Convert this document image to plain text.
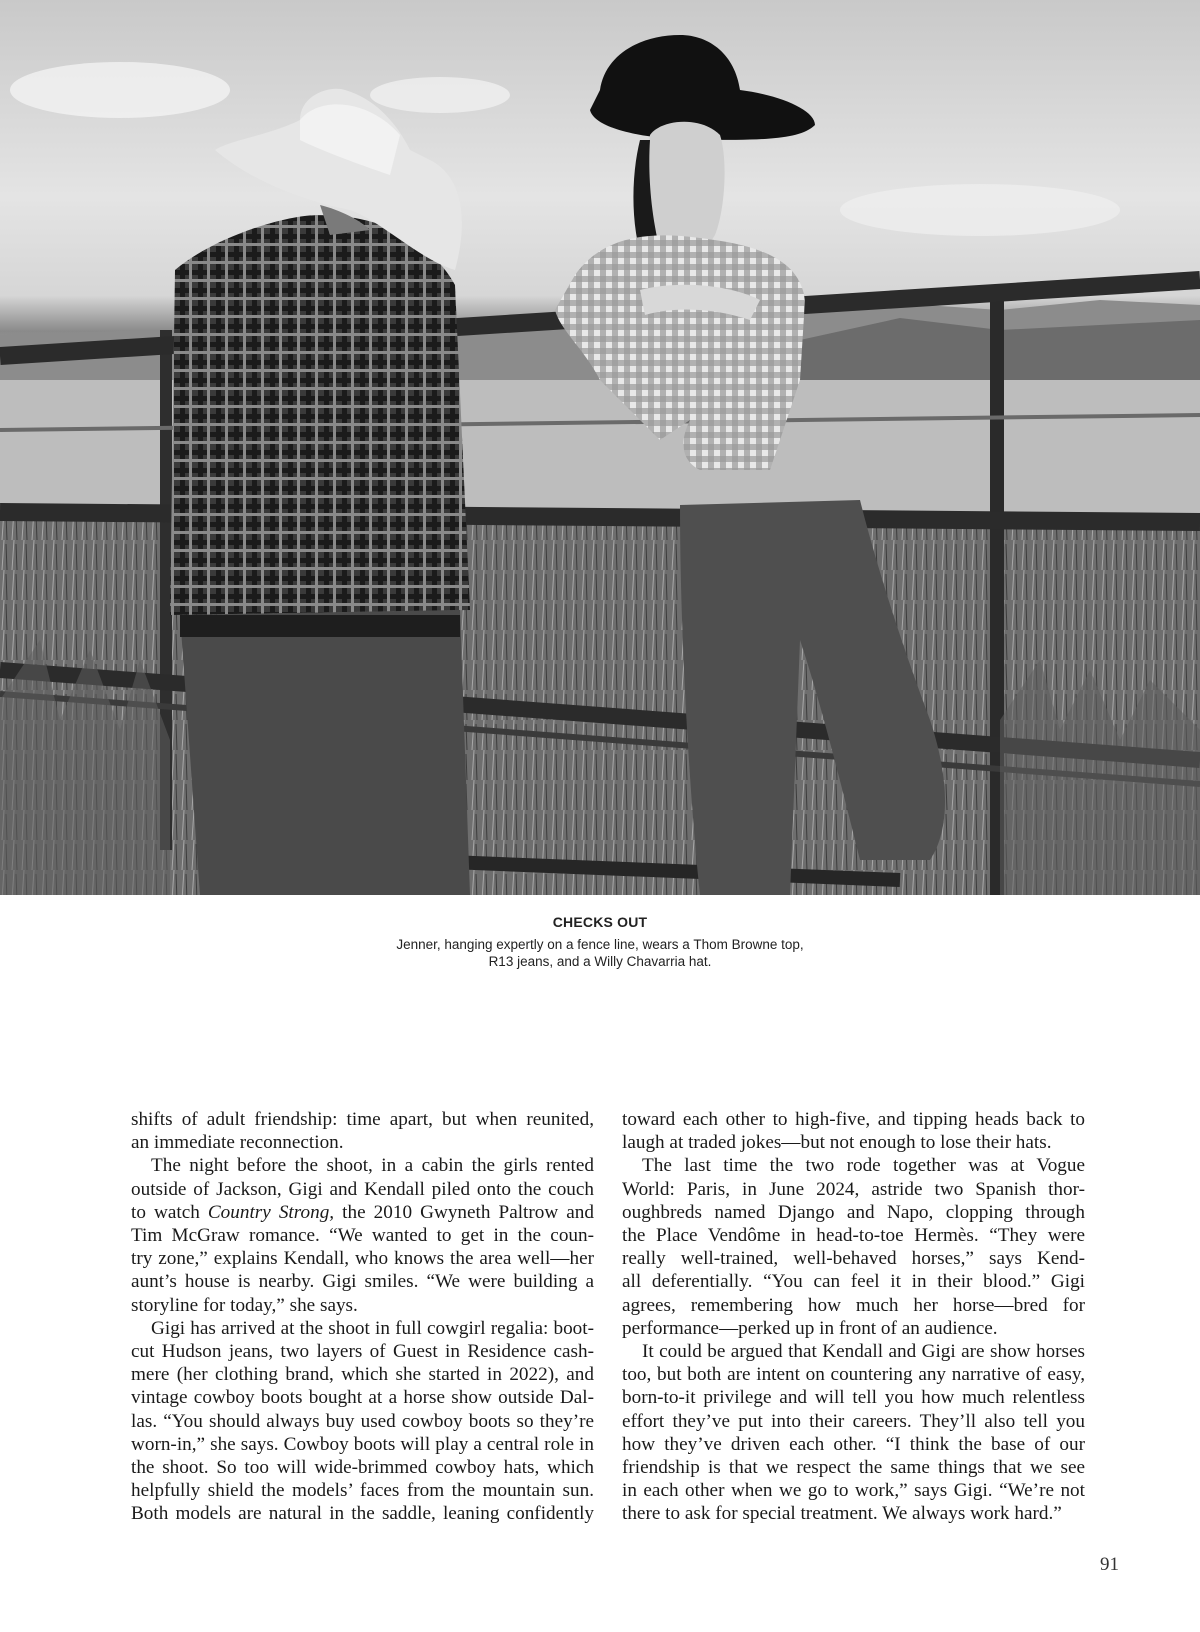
CHECKS OUT
Jenner, hanging expertly on a fence line, wears a Thom Browne top,
R13 jeans, and a Willy Chavarria hat.
shifts of adult friendship: time apart, but when reunited,
an immediate reconnection.
The night before the shoot, in a cabin the girls rented
outside of Jackson, Gigi and Kendall piled onto the couch
to watch Country Strong, the 2010 Gwyneth Paltrow and
Tim McGraw romance. “We wanted to get in the coun-
try zone,” explains Kendall, who knows the area well—her
aunt’s house is nearby. Gigi smiles. “We were building a
storyline for today,” she says.
Gigi has arrived at the shoot in full cowgirl regalia: boot-
cut Hudson jeans, two layers of Guest in Residence cash-
mere (her clothing brand, which she started in 2022), and
vintage cowboy boots bought at a horse show outside Dal-
las. “You should always buy used cowboy boots so they’re
worn-in,” she says. Cowboy boots will play a central role in
the shoot. So too will wide-brimmed cowboy hats, which
helpfully shield the models’ faces from the mountain sun.
Both models are natural in the saddle, leaning confidently
toward each other to high-five, and tipping heads back to
laugh at traded jokes—but not enough to lose their hats.
The last time the two rode together was at Vogue
World: Paris, in June 2024, astride two Spanish thor-
oughbreds named Django and Napo, clopping through
the Place Vendôme in head-to-toe Hermès. “They were
really well-trained, well-behaved horses,” says Kend-
all deferentially. “You can feel it in their blood.” Gigi
agrees, remembering how much her horse—bred for
performance—perked up in front of an audience.
It could be argued that Kendall and Gigi are show horses
too, but both are intent on countering any narrative of easy,
born-to-it privilege and will tell you how much relentless
effort they’ve put into their careers. They’ll also tell you
how they’ve driven each other. “I think the base of our
friendship is that we respect the same things that we see
in each other when we go to work,” says Gigi. “We’re not
there to ask for special treatment. We always work hard.”
91
